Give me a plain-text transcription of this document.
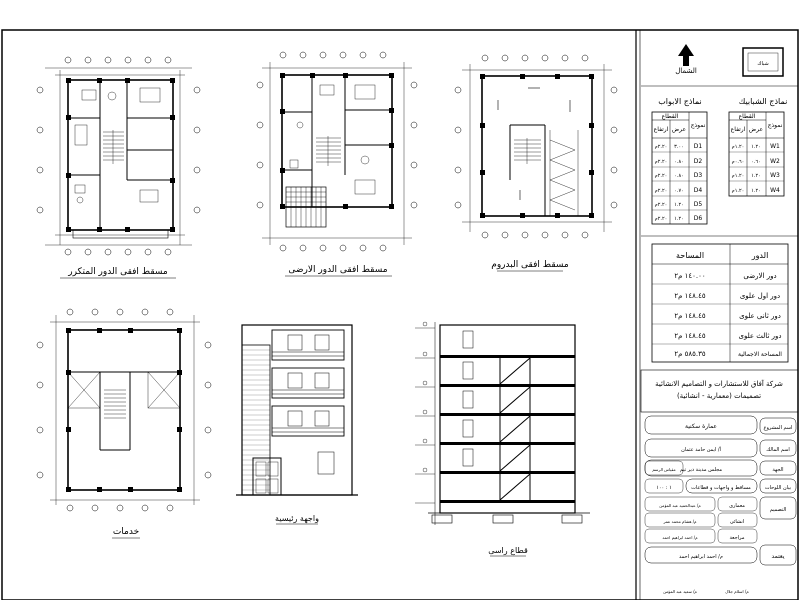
مسقط افقى الدور المتكرر	مسقط افقى الدور الارضى	مسقط افقى البدروم
خدمات
واجهة رئيسية
قطاع راسى
الشمال
شباك
نماذج الابواب
القطاع
نموذج
عرض
ارتفاع
D1
٣.٠٠
٢.٢٠م
D2
٠.٨٠
٢.٢٠م
D3
٠.٨٠
٢.٢٠م
D4
٠.٧٠
٢.٢٠م
D5
١.٢٠
٢.٢٠م
D6
١.٢٠
٢.٢٠م
نماذج الشبابيك
القطاع
نموذج
عرض
ارتفاع
W1
١.٢٠
١.٢٠م
W2
٠.٦٠
٠.٦٠م
W3
١.٢٠
١.٢٠م
W4
١.٢٠
١.٢٠م
الدور
المساحة
دور الارضى
١٤٠.٠٠ م٢
دور اول علوى
١٤٨.٤٥ م٢
دور ثانى علوى
١٤٨.٤٥ م٢
دور ثالث علوى
١٤٨.٤٥ م٢
المساحة الاجمالية
٥٨٥.٣٥ م٢
شركة آفاق للاستشارات و التصاميم الانشائية
تصميمات (معمارية - انشائية)
اسم المشروع
عمارة سكنية
اسم المالك
أ/ ايمن حامد عثمان
الجهة
مجلس مدينة دير تيم
بيان اللوحات
مساقط و واجهات و قطاعات
مقياس الرسم
١ : ١٠٠
التصميم
معمارى
م/ عبدالحميد عبد المؤمن
انشائى
م/ هشام محمد عمر
مراجعة
م/ احمد ابراهيم احمد
يعتمد
م/ احمد ابراهيم احمد
م/ اسلام جلال
م/ سعيد عبد المؤمن
